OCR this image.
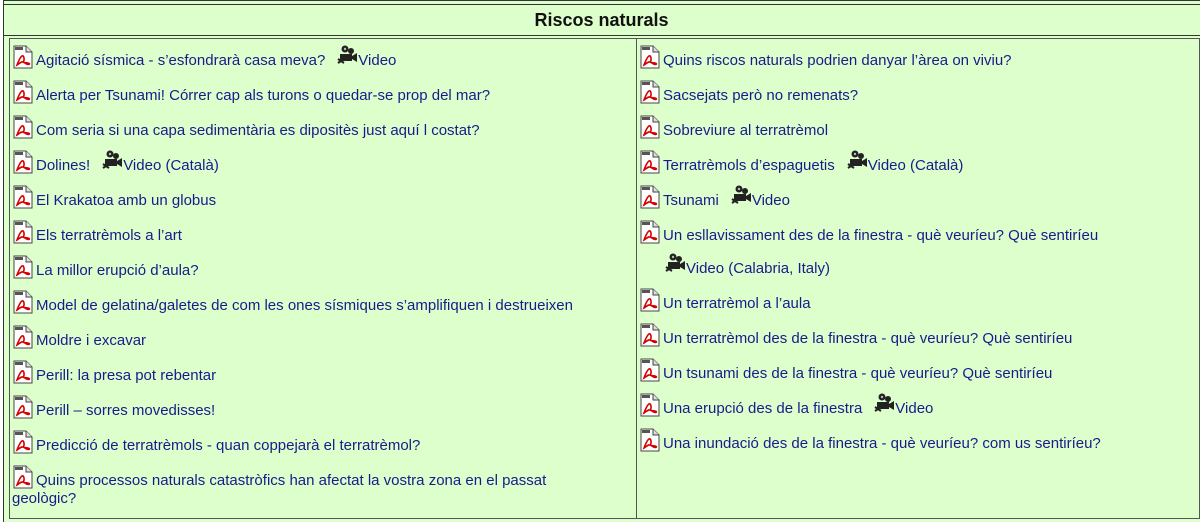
Riscos naturals
Agitació sísmica - s’esfondrarà casa meva? Video
Alerta per Tsunami! Córrer cap als turons o quedar-se prop del mar?
Com seria si una capa sedimentària es dipositès just aquí l costat?
Dolines! Video (Català)
El Krakatoa amb un globus
Els terratrèmols a l’art
La millor erupció d’aula?
Model de gelatina/galetes de com les ones sísmiques s’amplifiquen i destrueixen
Moldre i excavar
Perill: la presa pot rebentar
Perill – sorres movedisses!
Predicció de terratrèmols - quan coppejarà el terratrèmol?
Quins processos naturals catastròfics han afectat la vostra zona en el passat
geològic?
Quins riscos naturals podrien danyar l’àrea on viviu?
Sacsejats però no remenats?
Sobreviure al terratrèmol
Terratrèmols d’espaguetis Video (Català)
Tsunami Video
Un esllavissament des de la finestra - què veuríeu? Què sentiríeu
Video (Calabria, Italy)
Un terratrèmol a l’aula
Un terratrèmol des de la finestra - què veuríeu? Què sentiríeu
Un tsunami des de la finestra - què veuríeu? Què sentiríeu
Una erupció des de la finestra Video
Una inundació des de la finestra - què veuríeu? com us sentiríeu?
